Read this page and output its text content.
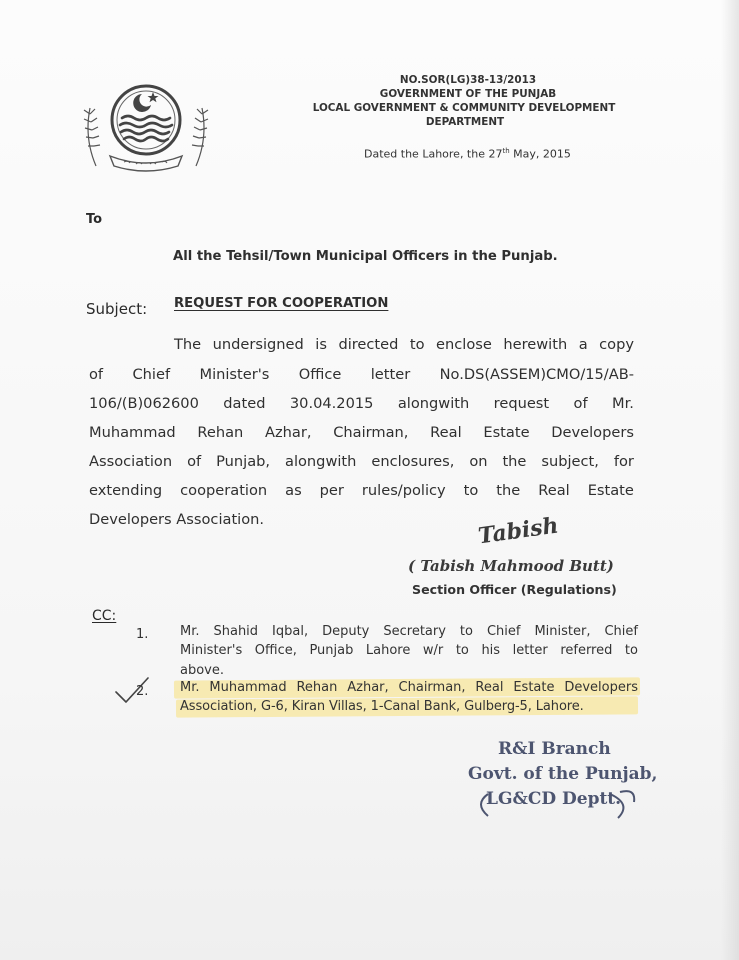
NO.SOR(LG)38-13/2013
GOVERNMENT OF THE PUNJAB
LOCAL GOVERNMENT & COMMUNITY DEVELOPMENT
DEPARTMENT
Dated the Lahore, the 27th May, 2015
To
All the Tehsil/Town Municipal Officers in the Punjab.
Subject: REQUEST FOR COOPERATION
The undersigned is directed to enclose herewith a copy
of Chief Minister's Office letter No.DS(ASSEM)CMO/15/AB-
106/(B)062600 dated 30.04.2015 alongwith request of Mr.
Muhammad Rehan Azhar, Chairman, Real Estate Developers
Association of Punjab, alongwith enclosures, on the subject, for
extending cooperation as per rules/policy to the Real Estate
Developers Association.	Tabish
( Tabish Mahmood Butt)
Section Officer (Regulations)
CC:
1. Mr. Shahid Iqbal, Deputy Secretary to Chief Minister, Chief
Minister's Office, Punjab Lahore w/r to his letter referred to
above.
2. Mr. Muhammad Rehan Azhar, Chairman, Real Estate Developers
Association, G-6, Kiran Villas, 1-Canal Bank, Gulberg-5, Lahore.
R&I Branch
Govt. of the Punjab,
LG&CD Deptt.
